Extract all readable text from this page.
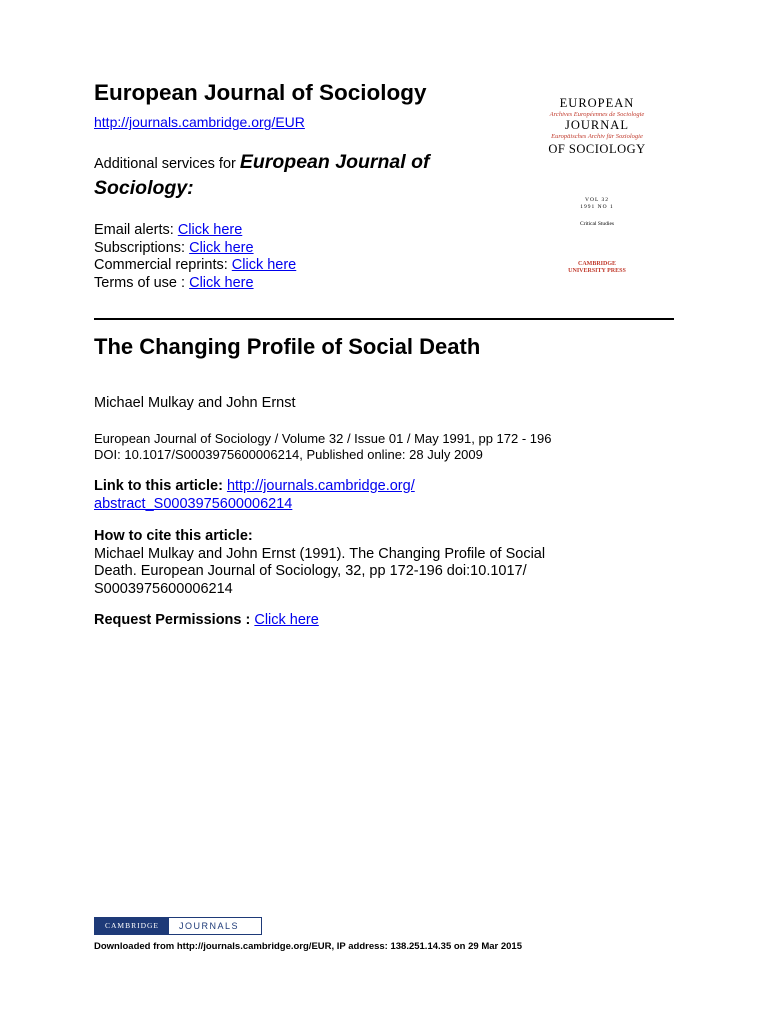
European Journal of Sociology
http://journals.cambridge.org/EUR
Additional services for European Journal of Sociology:
Email alerts: Click here
Subscriptions: Click here
Commercial reprints: Click here
Terms of use : Click here
EUROPEAN
Archives Européennes de Sociologie
JOURNAL
Europäisches Archiv für Soziologie
OF SOCIOLOGY
VOL 32
1991 NO 1
Critical Studies
CAMBRIDGE
UNIVERSITY PRESS
The Changing Profile of Social Death
Michael Mulkay and John Ernst
European Journal of Sociology / Volume 32 / Issue 01 / May 1991, pp 172 - 196
DOI: 10.1017/S0003975600006214, Published online: 28 July 2009
Link to this article: http://journals.cambridge.org/
abstract_S0003975600006214
How to cite this article:
Michael Mulkay and John Ernst (1991). The Changing Profile of Social
Death. European Journal of Sociology, 32, pp 172-196 doi:10.1017/
S0003975600006214
Request Permissions : Click here
CAMBRIDGE	JOURNALS
Downloaded from http://journals.cambridge.org/EUR, IP address: 138.251.14.35 on 29 Mar 2015
